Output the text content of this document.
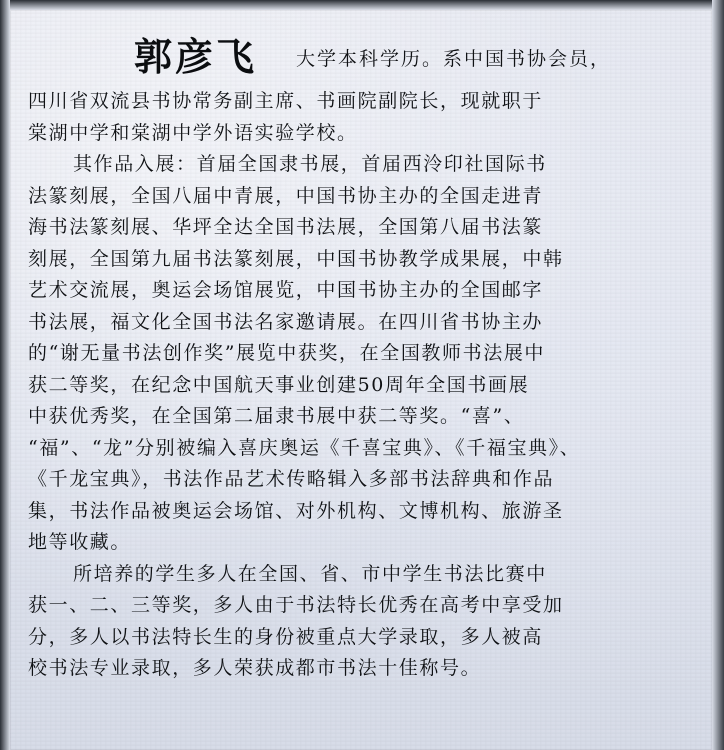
郭彦飞 大学本科学历。系中国书协会员，
四川省双流县书协常务副主席、书画院副院长，现就职于
棠湖中学和棠湖中学外语实验学校。
其作品入展：首届全国隶书展，首届西泠印社国际书
法篆刻展，全国八届中青展，中国书协主办的全国走进青
海书法篆刻展、华坪全达全国书法展，全国第八届书法篆
刻展，全国第九届书法篆刻展，中国书协教学成果展，中韩
艺术交流展，奥运会场馆展览，中国书协主办的全国邮字
书法展，福文化全国书法名家邀请展。在四川省书协主办
的“谢无量书法创作奖”展览中获奖，在全国教师书法展中
获二等奖，在纪念中国航天事业创建50周年全国书画展
中获优秀奖，在全国第二届隶书展中获二等奖。“喜”、
“福”、“龙”分别被编入喜庆奥运《千喜宝典》、《千福宝典》、
《千龙宝典》，书法作品艺术传略辑入多部书法辞典和作品
集，书法作品被奥运会场馆、对外机构、文博机构、旅游圣
地等收藏。
所培养的学生多人在全国、省、市中学生书法比赛中
获一、二、三等奖，多人由于书法特长优秀在高考中享受加
分，多人以书法特长生的身份被重点大学录取，多人被高
校书法专业录取，多人荣获成都市书法十佳称号。
